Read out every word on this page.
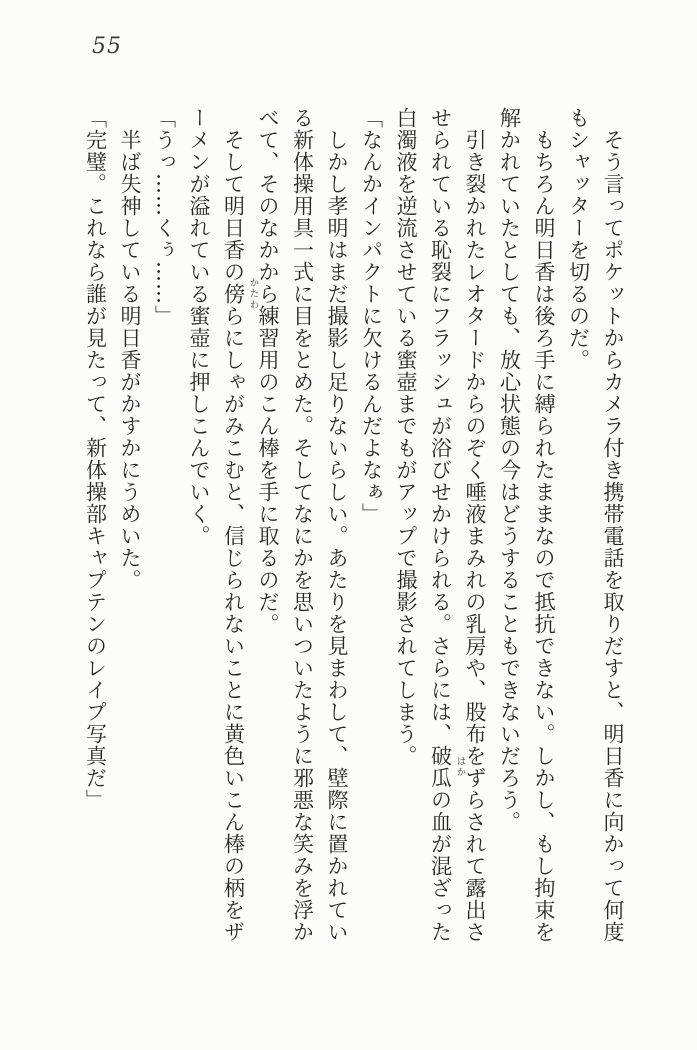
55

そう言ってポケットからカメラ付き携帯電話を取りだすと、明日香に向かって何度もシャッターを切るのだ。

もちろん明日香は後ろ手に縛られたままなので抵抗できない。しかし、もし拘束を解かれていたとしても、放心状態の今はどうすることもできないだろう。

引き裂かれたレオタードからのぞく唾液まみれの乳房や、股布をずらされて露出させられている恥裂にフラッシュが浴びせかけられる。さらには、破瓜 はか
の血が混ざった白濁液を逆流させている蜜壺までもがアップで撮影されてしまう。

「なんかインパクトに欠けるんだよなぁ」

しかし孝明はまだ撮影し足りないらしい。あたりを見まわして、壁際に置かれている新体操用具一式に目をとめた。そしてなにかを思いついたように邪悪な笑みを浮かべて、そのなかから練習用のこん棒を手に取るのだ。

そして明日香の傍 かたわ
らにしゃがみこむと、信じられないことに黄色いこん棒の柄をザーメンが溢れている蜜壺に押しこんでいく。

「うっ……くぅ……」

半ば失神している明日香がかすかにうめいた。

「完璧。これなら誰が見たって、新体操部キャプテンのレイプ写真だ」
